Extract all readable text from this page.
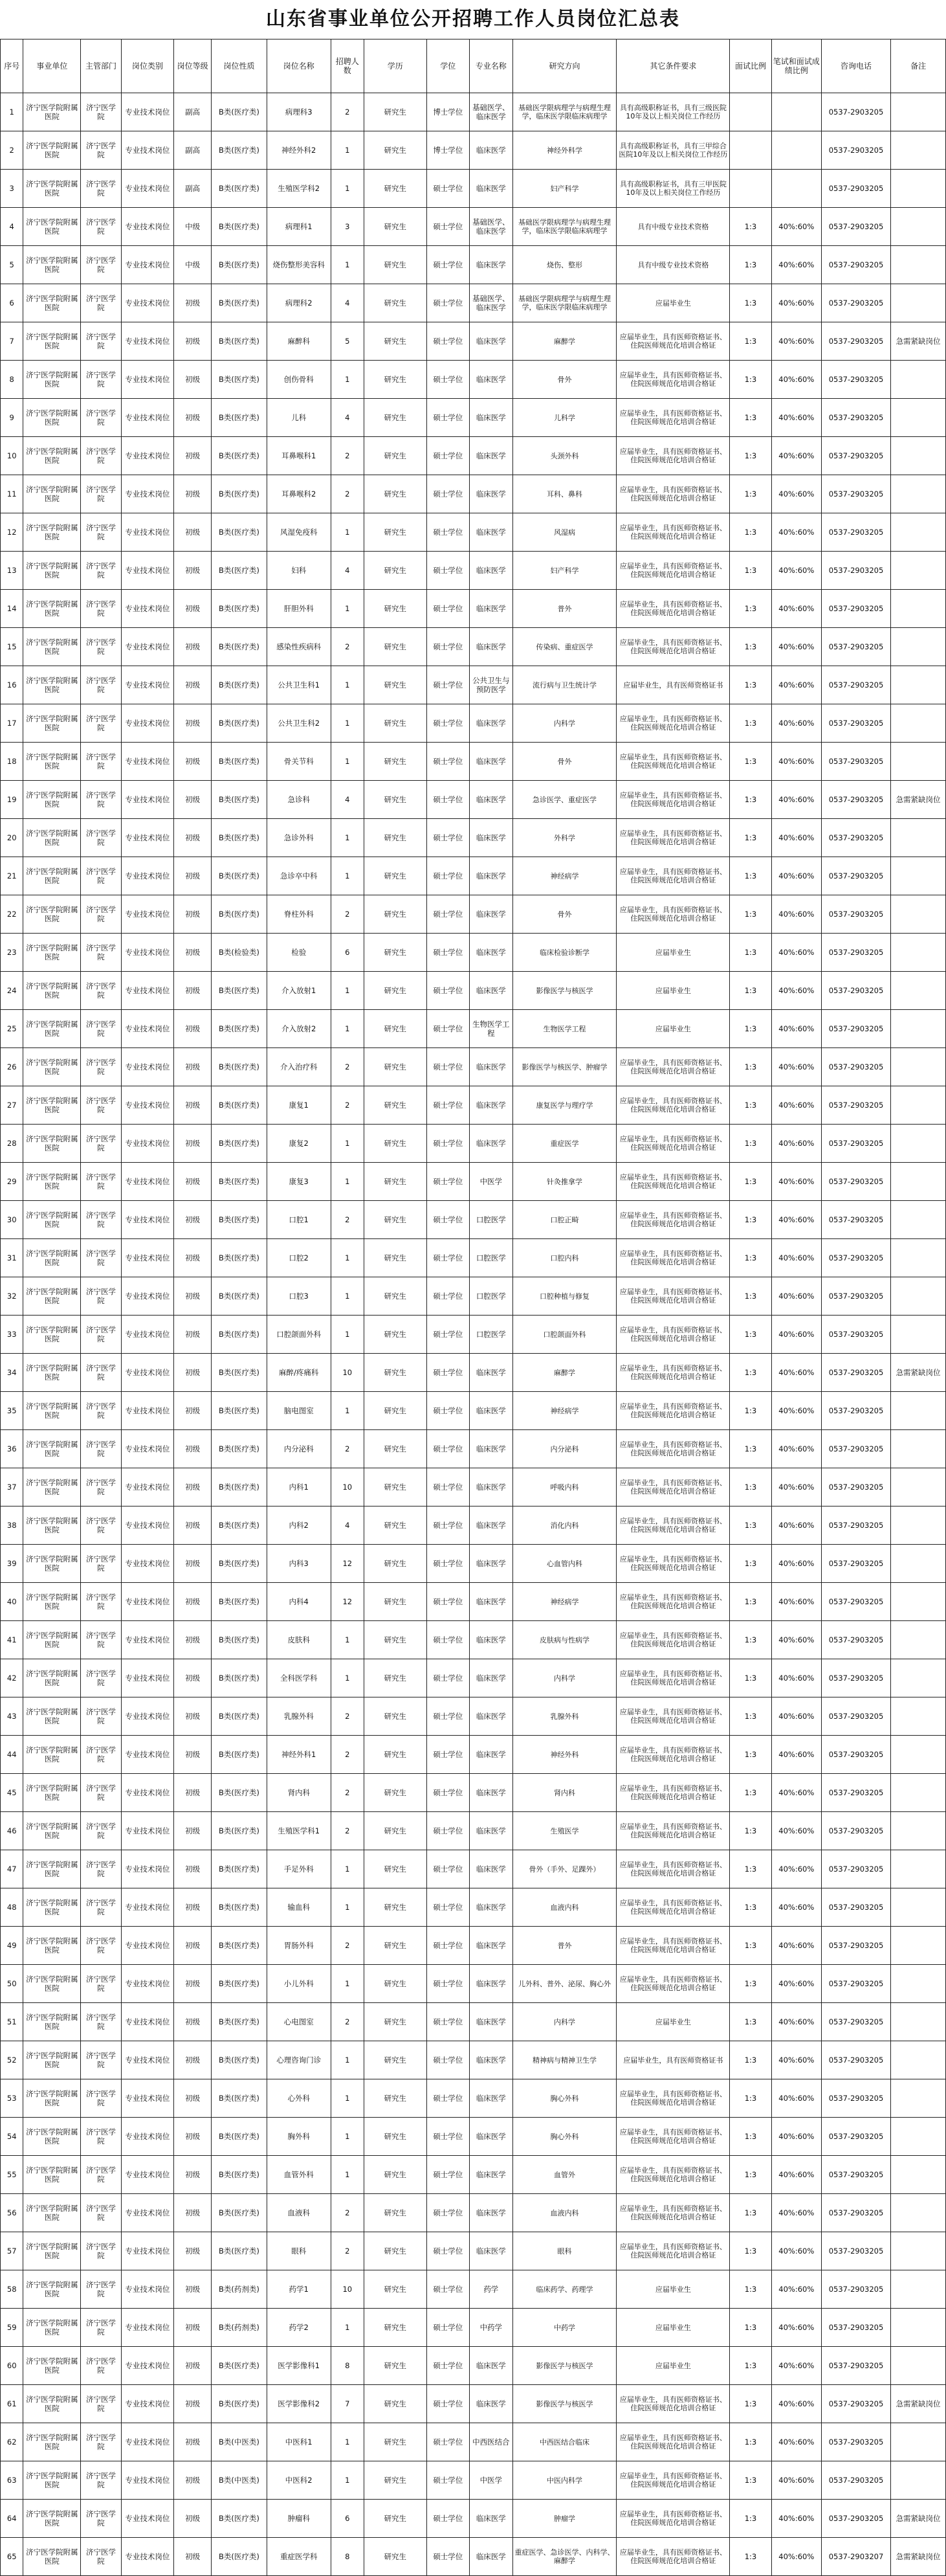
山东省事业单位公开招聘工作人员岗位汇总表
序号	事业单位	主管部门	岗位类别	岗位等级	岗位性质	岗位名称	招聘人数	学历	学位	专业名称	研究方向	其它条件要求	面试比例	笔试和面试成绩比例	咨询电话	备注
1	济宁医学院附属医院	济宁医学院	专业技术岗位	副高	B类(医疗类)	病理科3	2	研究生	博士学位	基础医学、临床医学	基础医学限病理学与病理生理学，临床医学限临床病理学	具有高级职称证书，具有三级医院10年及以上相关岗位工作经历			0537-2903205	
2	济宁医学院附属医院	济宁医学院	专业技术岗位	副高	B类(医疗类)	神经外科2	1	研究生	博士学位	临床医学	神经外科学	具有高级职称证书，具有三甲综合医院10年及以上相关岗位工作经历			0537-2903205	
3	济宁医学院附属医院	济宁医学院	专业技术岗位	副高	B类(医疗类)	生殖医学科2	1	研究生	硕士学位	临床医学	妇产科学	具有高级职称证书，具有三甲医院10年及以上相关岗位工作经历			0537-2903205	
4	济宁医学院附属医院	济宁医学院	专业技术岗位	中级	B类(医疗类)	病理科1	3	研究生	硕士学位	基础医学、临床医学	基础医学限病理学与病理生理学，临床医学限临床病理学	具有中级专业技术资格	1:3	40%:60%	0537-2903205	
5	济宁医学院附属医院	济宁医学院	专业技术岗位	中级	B类(医疗类)	烧伤整形美容科	1	研究生	硕士学位	临床医学	烧伤、整形	具有中级专业技术资格	1:3	40%:60%	0537-2903205	
6	济宁医学院附属医院	济宁医学院	专业技术岗位	初级	B类(医疗类)	病理科2	4	研究生	硕士学位	基础医学、临床医学	基础医学限病理学与病理生理学，临床医学限临床病理学	应届毕业生	1:3	40%:60%	0537-2903205	
7	济宁医学院附属医院	济宁医学院	专业技术岗位	初级	B类(医疗类)	麻醉科	5	研究生	硕士学位	临床医学	麻醉学	应届毕业生，具有医师资格证书、住院医师规范化培训合格证	1:3	40%:60%	0537-2903205	急需紧缺岗位
8	济宁医学院附属医院	济宁医学院	专业技术岗位	初级	B类(医疗类)	创伤骨科	1	研究生	硕士学位	临床医学	骨外	应届毕业生，具有医师资格证书、住院医师规范化培训合格证	1:3	40%:60%	0537-2903205	
9	济宁医学院附属医院	济宁医学院	专业技术岗位	初级	B类(医疗类)	儿科	4	研究生	硕士学位	临床医学	儿科学	应届毕业生，具有医师资格证书、住院医师规范化培训合格证	1:3	40%:60%	0537-2903205	
10	济宁医学院附属医院	济宁医学院	专业技术岗位	初级	B类(医疗类)	耳鼻喉科1	2	研究生	硕士学位	临床医学	头颈外科	应届毕业生，具有医师资格证书、住院医师规范化培训合格证	1:3	40%:60%	0537-2903205	
11	济宁医学院附属医院	济宁医学院	专业技术岗位	初级	B类(医疗类)	耳鼻喉科2	2	研究生	硕士学位	临床医学	耳科、鼻科	应届毕业生，具有医师资格证书、住院医师规范化培训合格证	1:3	40%:60%	0537-2903205	
12	济宁医学院附属医院	济宁医学院	专业技术岗位	初级	B类(医疗类)	风湿免疫科	1	研究生	硕士学位	临床医学	风湿病	应届毕业生，具有医师资格证书、住院医师规范化培训合格证	1:3	40%:60%	0537-2903205	
13	济宁医学院附属医院	济宁医学院	专业技术岗位	初级	B类(医疗类)	妇科	4	研究生	硕士学位	临床医学	妇产科学	应届毕业生，具有医师资格证书、住院医师规范化培训合格证	1:3	40%:60%	0537-2903205	
14	济宁医学院附属医院	济宁医学院	专业技术岗位	初级	B类(医疗类)	肝胆外科	1	研究生	硕士学位	临床医学	普外	应届毕业生，具有医师资格证书、住院医师规范化培训合格证	1:3	40%:60%	0537-2903205	
15	济宁医学院附属医院	济宁医学院	专业技术岗位	初级	B类(医疗类)	感染性疾病科	2	研究生	硕士学位	临床医学	传染病、重症医学	应届毕业生，具有医师资格证书、住院医师规范化培训合格证	1:3	40%:60%	0537-2903205	
16	济宁医学院附属医院	济宁医学院	专业技术岗位	初级	B类(医疗类)	公共卫生科1	1	研究生	硕士学位	公共卫生与预防医学	流行病与卫生统计学	应届毕业生，具有医师资格证书	1:3	40%:60%	0537-2903205	
17	济宁医学院附属医院	济宁医学院	专业技术岗位	初级	B类(医疗类)	公共卫生科2	1	研究生	硕士学位	临床医学	内科学	应届毕业生，具有医师资格证书、住院医师规范化培训合格证	1:3	40%:60%	0537-2903205	
18	济宁医学院附属医院	济宁医学院	专业技术岗位	初级	B类(医疗类)	骨关节科	1	研究生	硕士学位	临床医学	骨外	应届毕业生，具有医师资格证书、住院医师规范化培训合格证	1:3	40%:60%	0537-2903205	
19	济宁医学院附属医院	济宁医学院	专业技术岗位	初级	B类(医疗类)	急诊科	4	研究生	硕士学位	临床医学	急诊医学、重症医学	应届毕业生，具有医师资格证书、住院医师规范化培训合格证	1:3	40%:60%	0537-2903205	急需紧缺岗位
20	济宁医学院附属医院	济宁医学院	专业技术岗位	初级	B类(医疗类)	急诊外科	1	研究生	硕士学位	临床医学	外科学	应届毕业生，具有医师资格证书、住院医师规范化培训合格证	1:3	40%:60%	0537-2903205	
21	济宁医学院附属医院	济宁医学院	专业技术岗位	初级	B类(医疗类)	急诊卒中科	1	研究生	硕士学位	临床医学	神经病学	应届毕业生，具有医师资格证书、住院医师规范化培训合格证	1:3	40%:60%	0537-2903205	
22	济宁医学院附属医院	济宁医学院	专业技术岗位	初级	B类(医疗类)	脊柱外科	2	研究生	硕士学位	临床医学	骨外	应届毕业生，具有医师资格证书、住院医师规范化培训合格证	1:3	40%:60%	0537-2903205	
23	济宁医学院附属医院	济宁医学院	专业技术岗位	初级	B类(检验类)	检验	6	研究生	硕士学位	临床医学	临床检验诊断学	应届毕业生	1:3	40%:60%	0537-2903205	
24	济宁医学院附属医院	济宁医学院	专业技术岗位	初级	B类(医疗类)	介入放射1	1	研究生	硕士学位	临床医学	影像医学与核医学	应届毕业生	1:3	40%:60%	0537-2903205	
25	济宁医学院附属医院	济宁医学院	专业技术岗位	初级	B类(医疗类)	介入放射2	1	研究生	硕士学位	生物医学工程	生物医学工程	应届毕业生	1:3	40%:60%	0537-2903205	
26	济宁医学院附属医院	济宁医学院	专业技术岗位	初级	B类(医疗类)	介入治疗科	2	研究生	硕士学位	临床医学	影像医学与核医学、肿瘤学	应届毕业生，具有医师资格证书、住院医师规范化培训合格证	1:3	40%:60%	0537-2903205	
27	济宁医学院附属医院	济宁医学院	专业技术岗位	初级	B类(医疗类)	康复1	2	研究生	硕士学位	临床医学	康复医学与理疗学	应届毕业生，具有医师资格证书、住院医师规范化培训合格证	1:3	40%:60%	0537-2903205	
28	济宁医学院附属医院	济宁医学院	专业技术岗位	初级	B类(医疗类)	康复2	1	研究生	硕士学位	临床医学	重症医学	应届毕业生，具有医师资格证书、住院医师规范化培训合格证	1:3	40%:60%	0537-2903205	
29	济宁医学院附属医院	济宁医学院	专业技术岗位	初级	B类(医疗类)	康复3	1	研究生	硕士学位	中医学	针灸推拿学	应届毕业生，具有医师资格证书、住院医师规范化培训合格证	1:3	40%:60%	0537-2903205	
30	济宁医学院附属医院	济宁医学院	专业技术岗位	初级	B类(医疗类)	口腔1	2	研究生	硕士学位	口腔医学	口腔正畸	应届毕业生，具有医师资格证书、住院医师规范化培训合格证	1:3	40%:60%	0537-2903205	
31	济宁医学院附属医院	济宁医学院	专业技术岗位	初级	B类(医疗类)	口腔2	1	研究生	硕士学位	口腔医学	口腔内科	应届毕业生，具有医师资格证书、住院医师规范化培训合格证	1:3	40%:60%	0537-2903205	
32	济宁医学院附属医院	济宁医学院	专业技术岗位	初级	B类(医疗类)	口腔3	1	研究生	硕士学位	口腔医学	口腔种植与修复	应届毕业生，具有医师资格证书、住院医师规范化培训合格证	1:3	40%:60%	0537-2903205	
33	济宁医学院附属医院	济宁医学院	专业技术岗位	初级	B类(医疗类)	口腔颌面外科	1	研究生	硕士学位	口腔医学	口腔颌面外科	应届毕业生，具有医师资格证书、住院医师规范化培训合格证	1:3	40%:60%	0537-2903205	
34	济宁医学院附属医院	济宁医学院	专业技术岗位	初级	B类(医疗类)	麻醉/疼痛科	10	研究生	硕士学位	临床医学	麻醉学	应届毕业生，具有医师资格证书、住院医师规范化培训合格证	1:3	40%:60%	0537-2903205	急需紧缺岗位
35	济宁医学院附属医院	济宁医学院	专业技术岗位	初级	B类(医疗类)	脑电图室	1	研究生	硕士学位	临床医学	神经病学	应届毕业生，具有医师资格证书、住院医师规范化培训合格证	1:3	40%:60%	0537-2903205	
36	济宁医学院附属医院	济宁医学院	专业技术岗位	初级	B类(医疗类)	内分泌科	2	研究生	硕士学位	临床医学	内分泌科	应届毕业生，具有医师资格证书、住院医师规范化培训合格证	1:3	40%:60%	0537-2903205	
37	济宁医学院附属医院	济宁医学院	专业技术岗位	初级	B类(医疗类)	内科1	10	研究生	硕士学位	临床医学	呼吸内科	应届毕业生，具有医师资格证书、住院医师规范化培训合格证	1:3	40%:60%	0537-2903205	
38	济宁医学院附属医院	济宁医学院	专业技术岗位	初级	B类(医疗类)	内科2	4	研究生	硕士学位	临床医学	消化内科	应届毕业生，具有医师资格证书、住院医师规范化培训合格证	1:3	40%:60%	0537-2903205	
39	济宁医学院附属医院	济宁医学院	专业技术岗位	初级	B类(医疗类)	内科3	12	研究生	硕士学位	临床医学	心血管内科	应届毕业生，具有医师资格证书、住院医师规范化培训合格证	1:3	40%:60%	0537-2903205	
40	济宁医学院附属医院	济宁医学院	专业技术岗位	初级	B类(医疗类)	内科4	12	研究生	硕士学位	临床医学	神经病学	应届毕业生，具有医师资格证书、住院医师规范化培训合格证	1:3	40%:60%	0537-2903205	
41	济宁医学院附属医院	济宁医学院	专业技术岗位	初级	B类(医疗类)	皮肤科	1	研究生	硕士学位	临床医学	皮肤病与性病学	应届毕业生，具有医师资格证书、住院医师规范化培训合格证	1:3	40%:60%	0537-2903205	
42	济宁医学院附属医院	济宁医学院	专业技术岗位	初级	B类(医疗类)	全科医学科	1	研究生	硕士学位	临床医学	内科学	应届毕业生，具有医师资格证书、住院医师规范化培训合格证	1:3	40%:60%	0537-2903205	
43	济宁医学院附属医院	济宁医学院	专业技术岗位	初级	B类(医疗类)	乳腺外科	2	研究生	硕士学位	临床医学	乳腺外科	应届毕业生，具有医师资格证书、住院医师规范化培训合格证	1:3	40%:60%	0537-2903205	
44	济宁医学院附属医院	济宁医学院	专业技术岗位	初级	B类(医疗类)	神经外科1	2	研究生	硕士学位	临床医学	神经外科	应届毕业生，具有医师资格证书、住院医师规范化培训合格证	1:3	40%:60%	0537-2903205	
45	济宁医学院附属医院	济宁医学院	专业技术岗位	初级	B类(医疗类)	肾内科	2	研究生	硕士学位	临床医学	肾内科	应届毕业生，具有医师资格证书、住院医师规范化培训合格证	1:3	40%:60%	0537-2903205	
46	济宁医学院附属医院	济宁医学院	专业技术岗位	初级	B类(医疗类)	生殖医学科1	2	研究生	硕士学位	临床医学	生殖医学	应届毕业生，具有医师资格证书、住院医师规范化培训合格证	1:3	40%:60%	0537-2903205	
47	济宁医学院附属医院	济宁医学院	专业技术岗位	初级	B类(医疗类)	手足外科	1	研究生	硕士学位	临床医学	骨外（手外、足踝外）	应届毕业生，具有医师资格证书、住院医师规范化培训合格证	1:3	40%:60%	0537-2903205	
48	济宁医学院附属医院	济宁医学院	专业技术岗位	初级	B类(医疗类)	输血科	1	研究生	硕士学位	临床医学	血液内科	应届毕业生，具有医师资格证书、住院医师规范化培训合格证	1:3	40%:60%	0537-2903205	
49	济宁医学院附属医院	济宁医学院	专业技术岗位	初级	B类(医疗类)	胃肠外科	2	研究生	硕士学位	临床医学	普外	应届毕业生，具有医师资格证书、住院医师规范化培训合格证	1:3	40%:60%	0537-2903205	
50	济宁医学院附属医院	济宁医学院	专业技术岗位	初级	B类(医疗类)	小儿外科	1	研究生	硕士学位	临床医学	儿外科、普外、泌尿、胸心外	应届毕业生，具有医师资格证书、住院医师规范化培训合格证	1:3	40%:60%	0537-2903205	
51	济宁医学院附属医院	济宁医学院	专业技术岗位	初级	B类(医疗类)	心电图室	2	研究生	硕士学位	临床医学	内科学	应届毕业生	1:3	40%:60%	0537-2903205	
52	济宁医学院附属医院	济宁医学院	专业技术岗位	初级	B类(医疗类)	心理咨询门诊	1	研究生	硕士学位	临床医学	精神病与精神卫生学	应届毕业生，具有医师资格证书	1:3	40%:60%	0537-2903205	
53	济宁医学院附属医院	济宁医学院	专业技术岗位	初级	B类(医疗类)	心外科	1	研究生	硕士学位	临床医学	胸心外科	应届毕业生，具有医师资格证书、住院医师规范化培训合格证	1:3	40%:60%	0537-2903205	
54	济宁医学院附属医院	济宁医学院	专业技术岗位	初级	B类(医疗类)	胸外科	1	研究生	硕士学位	临床医学	胸心外科	应届毕业生，具有医师资格证书、住院医师规范化培训合格证	1:3	40%:60%	0537-2903205	
55	济宁医学院附属医院	济宁医学院	专业技术岗位	初级	B类(医疗类)	血管外科	1	研究生	硕士学位	临床医学	血管外	应届毕业生，具有医师资格证书、住院医师规范化培训合格证	1:3	40%:60%	0537-2903205	
56	济宁医学院附属医院	济宁医学院	专业技术岗位	初级	B类(医疗类)	血液科	2	研究生	硕士学位	临床医学	血液内科	应届毕业生，具有医师资格证书、住院医师规范化培训合格证	1:3	40%:60%	0537-2903205	
57	济宁医学院附属医院	济宁医学院	专业技术岗位	初级	B类(医疗类)	眼科	2	研究生	硕士学位	临床医学	眼科	应届毕业生，具有医师资格证书、住院医师规范化培训合格证	1:3	40%:60%	0537-2903205	
58	济宁医学院附属医院	济宁医学院	专业技术岗位	初级	B类(药剂类)	药学1	10	研究生	硕士学位	药学	临床药学、药理学	应届毕业生	1:3	40%:60%	0537-2903205	
59	济宁医学院附属医院	济宁医学院	专业技术岗位	初级	B类(药剂类)	药学2	1	研究生	硕士学位	中药学	中药学	应届毕业生	1:3	40%:60%	0537-2903205	
60	济宁医学院附属医院	济宁医学院	专业技术岗位	初级	B类(医疗类)	医学影像科1	8	研究生	硕士学位	临床医学	影像医学与核医学	应届毕业生	1:3	40%:60%	0537-2903205	
61	济宁医学院附属医院	济宁医学院	专业技术岗位	初级	B类(医疗类)	医学影像科2	7	研究生	硕士学位	临床医学	影像医学与核医学	应届毕业生，具有医师资格证书、住院医师规范化培训合格证	1:3	40%:60%	0537-2903205	急需紧缺岗位
62	济宁医学院附属医院	济宁医学院	专业技术岗位	初级	B类(中医类)	中医科1	1	研究生	硕士学位	中西医结合	中西医结合临床	应届毕业生，具有医师资格证书、住院医师规范化培训合格证	1:3	40%:60%	0537-2903205	
63	济宁医学院附属医院	济宁医学院	专业技术岗位	初级	B类(中医类)	中医科2	1	研究生	硕士学位	中医学	中医内科学	应届毕业生，具有医师资格证书、住院医师规范化培训合格证	1:3	40%:60%	0537-2903205	
64	济宁医学院附属医院	济宁医学院	专业技术岗位	初级	B类(医疗类)	肿瘤科	6	研究生	硕士学位	临床医学	肿瘤学	应届毕业生，具有医师资格证书、住院医师规范化培训合格证	1:3	40%:60%	0537-2903205	急需紧缺岗位
65	济宁医学院附属医院	济宁医学院	专业技术岗位	初级	B类(医疗类)	重症医学科	8	研究生	硕士学位	临床医学	重症医学、急诊医学、内科学、麻醉学	应届毕业生，具有医师资格证书、住院医师规范化培训合格证	1:3	40%:60%	0537-2903207	急需紧缺岗位
